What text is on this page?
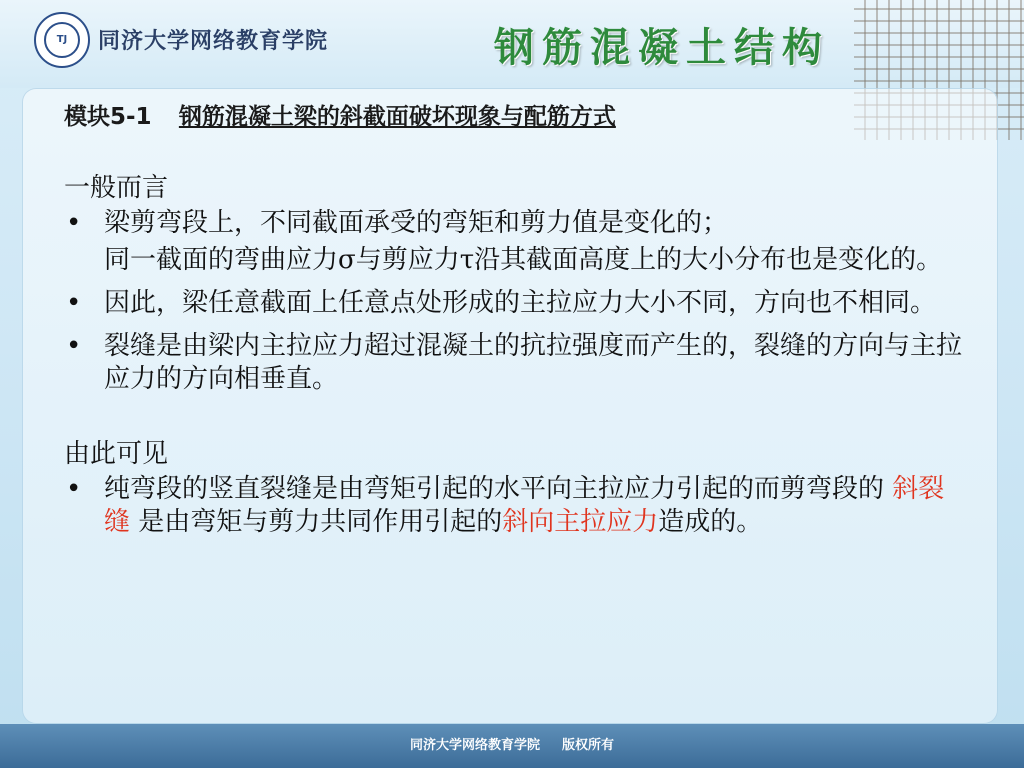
TJ	同济大学网络教育学院	钢筋混凝土结构
模块5-1 钢筋混凝土梁的斜截面破坏现象与配筋方式

一般而言

• 梁剪弯段上，不同截面承受的弯矩和剪力值是变化的；

同一截面的弯曲应力σ与剪应力τ沿其截面高度上的大小分布也是变化的。

• 因此，梁任意截面上任意点处形成的主拉应力大小不同，方向也不相同。

• 裂缝是由梁内主拉应力超过混凝土的抗拉强度而产生的，裂缝的方向与主拉应力的方向相垂直。

由此可见

• 纯弯段的竖直裂缝是由弯矩引起的水平向主拉应力引起的而剪弯段的 斜裂缝 是由弯矩与剪力共同作用引起的斜向主拉应力造成的。

同济大学网络教育学院 版权所有
